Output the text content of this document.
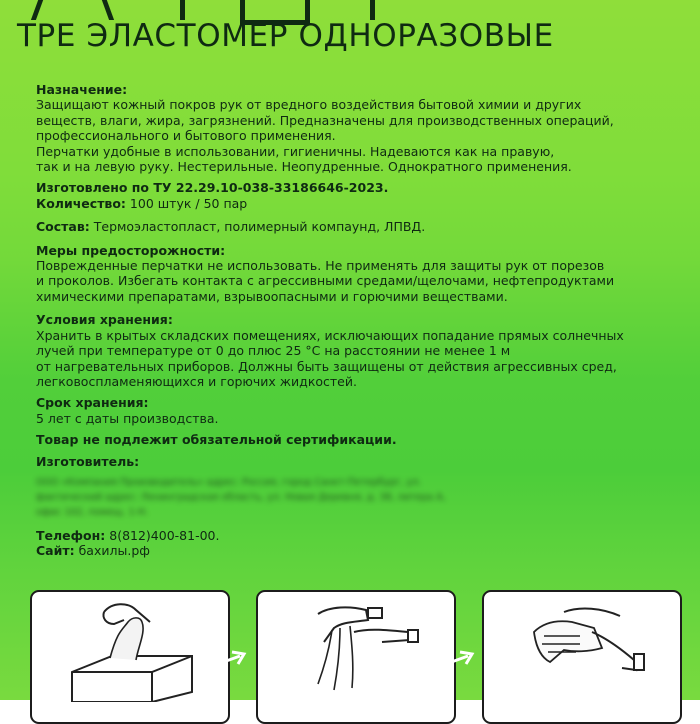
ТРЕ ЭЛАСТОМЕР ОДНОРАЗОВЫЕ

Назначение:

Защищают кожный покров рук от вредного воздействия бытовой химии и других

веществ, влаги, жира, загрязнений. Предназначены для производственных операций,

профессионального и бытового применения.

Перчатки удобные в использовании, гигиеничны. Надеваются как на правую,

так и на левую руку. Нестерильные. Неопудренные. Однократного применения.

Изготовлено по ТУ 22.29.10-038-33186646-2023.

Количество: 100 штук / 50 пар

Состав: Термоэластопласт, полимерный компаунд, ЛПВД.

Меры предосторожности:

Поврежденные перчатки не использовать. Не применять для защиты рук от порезов

и проколов. Избегать контакта с агрессивными средами/щелочами, нефтепродуктами

химическими препаратами, взрывоопасными и горючими веществами.

Условия хранения:

Хранить в крытых складских помещениях, исключающих попадание прямых солнечных

лучей при температуре от 0 до плюс 25 °С на расстоянии не менее 1 м

от нагревательных приборов. Должны быть защищены от действия агрессивных сред,

легковоспламеняющихся и горючих жидкостей.

Срок хранения:

5 лет с даты производства.

Товар не подлежит обязательной сертификации.

Изготовитель:

ООО «Компания Производитель» адрес: Россия, город Санкт-Петербург, ул.

фактический адрес: Ленинградская область, ул. Новая Деревня, д. 38, литера А,

офис 102, помещ. 1-Н.

Телефон: 8(812)400-81-00.

Сайт: бахилы.рф
